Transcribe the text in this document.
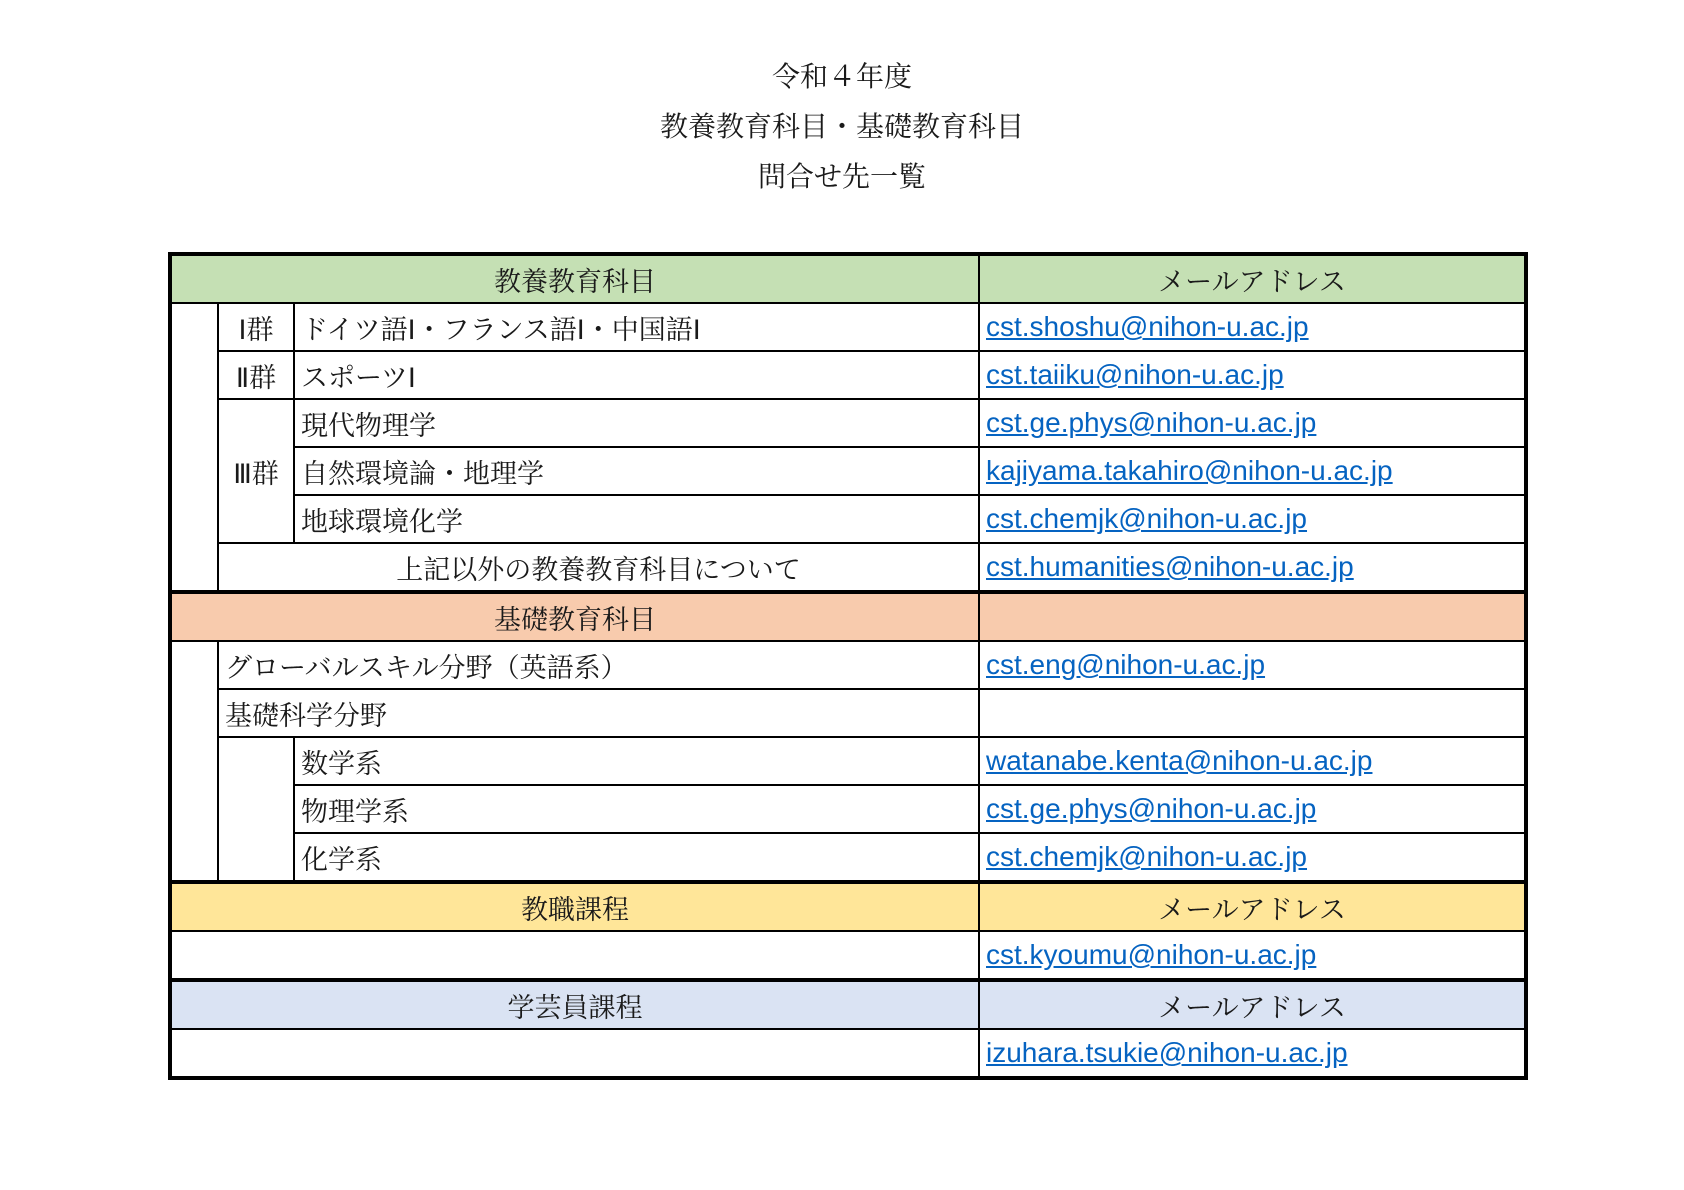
令和４年度
教養教育科目・基礎教育科目
問合せ先一覧
教養教育科目			メールアドレス
	Ⅰ群	ドイツ語Ⅰ・フランス語Ⅰ・中国語Ⅰ	cst.shoshu@nihon-u.ac.jp
	Ⅱ群	スポーツⅠ	cst.taiiku@nihon-u.ac.jp
	Ⅲ群	現代物理学	cst.ge.phys@nihon-u.ac.jp
		自然環境論・地理学	kajiyama.takahiro@nihon-u.ac.jp
		地球環境化学	cst.chemjk@nihon-u.ac.jp
	上記以外の教養教育科目について		cst.humanities@nihon-u.ac.jp
基礎教育科目			
	グローバルスキル分野（英語系）		cst.eng@nihon-u.ac.jp
	基礎科学分野		
		数学系	watanabe.kenta@nihon-u.ac.jp
		物理学系	cst.ge.phys@nihon-u.ac.jp
		化学系	cst.chemjk@nihon-u.ac.jp
教職課程			メールアドレス
			cst.kyoumu@nihon-u.ac.jp
学芸員課程			メールアドレス
			izuhara.tsukie@nihon-u.ac.jp
